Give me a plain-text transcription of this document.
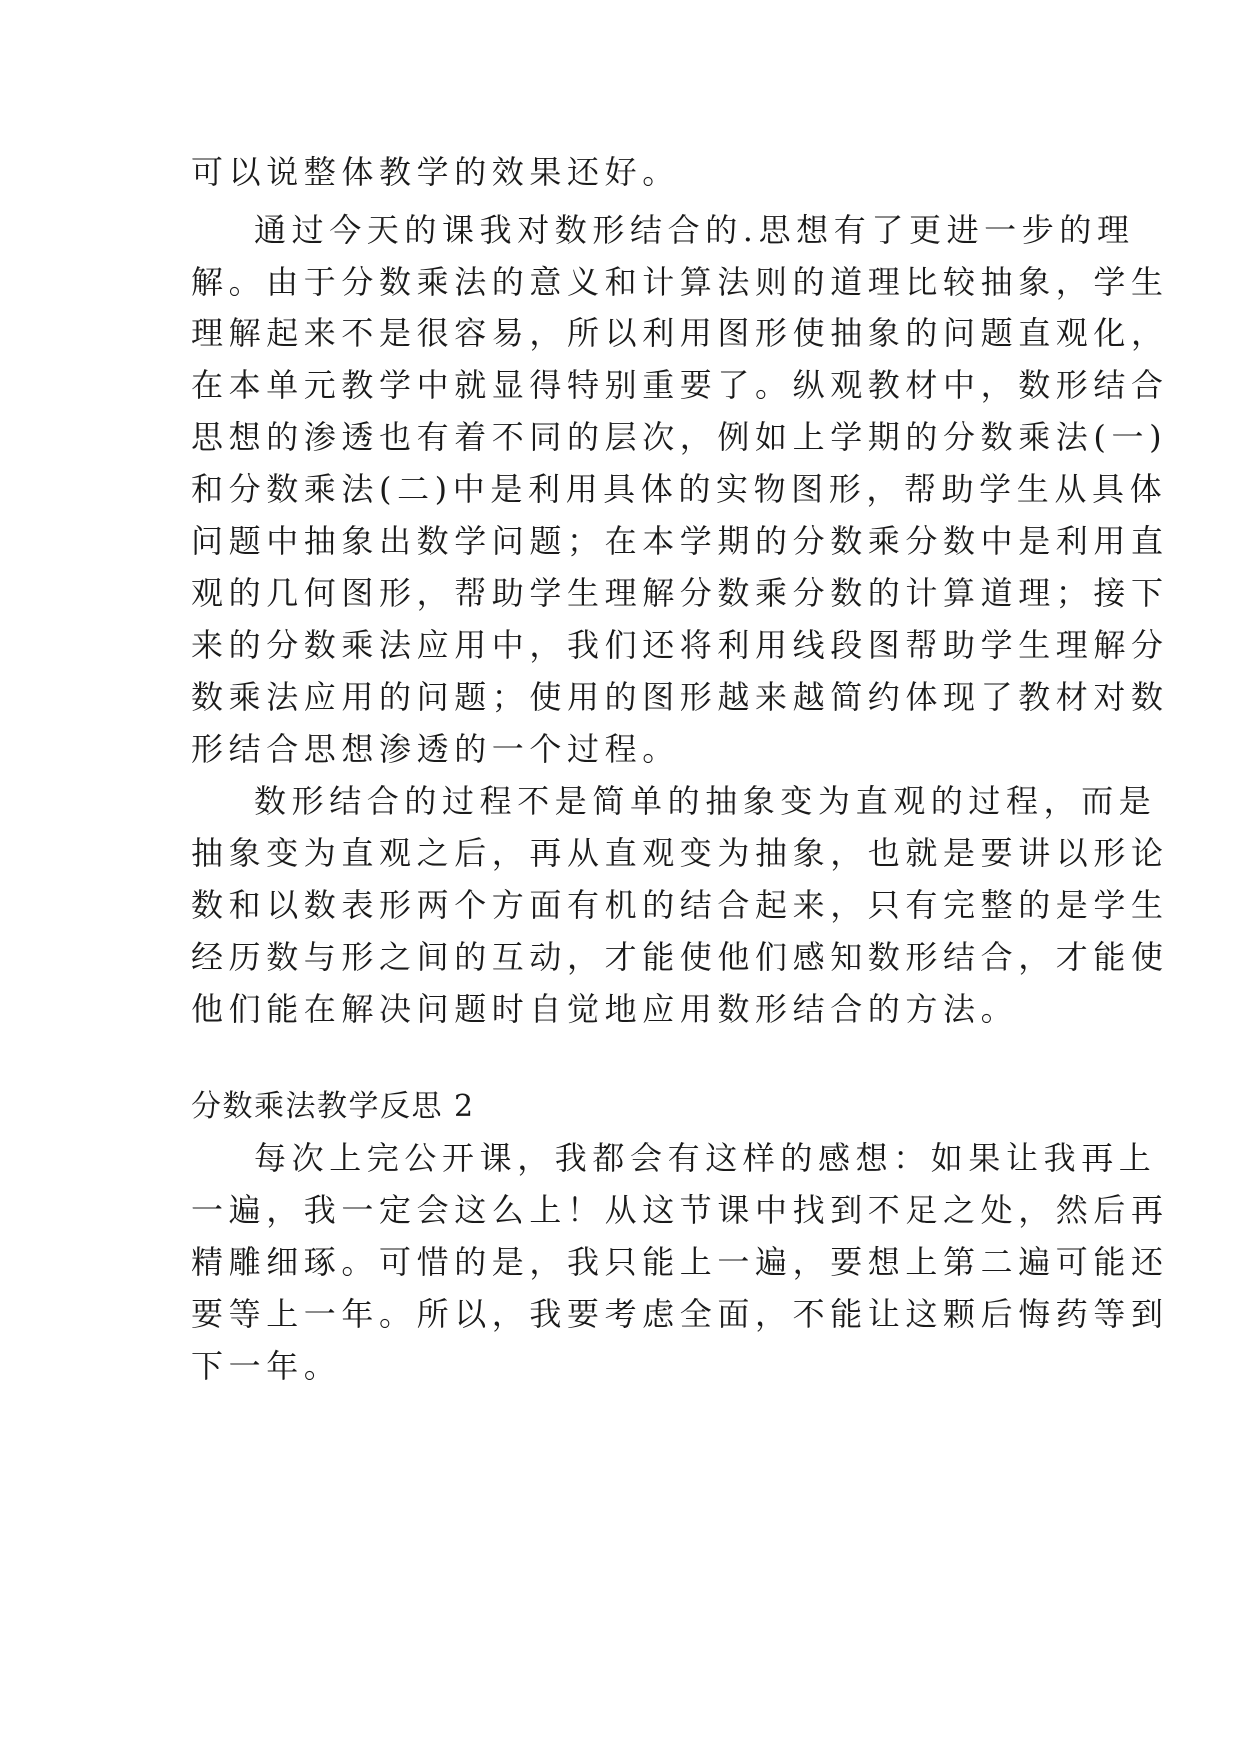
可以说整体教学的效果还好。
通过今天的课我对数形结合的.思想有了更进一步的理
解。由于分数乘法的意义和计算法则的道理比较抽象，学生
理解起来不是很容易，所以利用图形使抽象的问题直观化，
在本单元教学中就显得特别重要了。纵观教材中，数形结合
思想的渗透也有着不同的层次，例如上学期的分数乘法(一)
和分数乘法(二)中是利用具体的实物图形，帮助学生从具体
问题中抽象出数学问题；在本学期的分数乘分数中是利用直
观的几何图形，帮助学生理解分数乘分数的计算道理；接下
来的分数乘法应用中，我们还将利用线段图帮助学生理解分
数乘法应用的问题；使用的图形越来越简约体现了教材对数
形结合思想渗透的一个过程。
数形结合的过程不是简单的抽象变为直观的过程，而是
抽象变为直观之后，再从直观变为抽象，也就是要讲以形论
数和以数表形两个方面有机的结合起来，只有完整的是学生
经历数与形之间的互动，才能使他们感知数形结合，才能使
他们能在解决问题时自觉地应用数形结合的方法。
分数乘法教学反思 2
每次上完公开课，我都会有这样的感想：如果让我再上
一遍，我一定会这么上！从这节课中找到不足之处，然后再
精雕细琢。可惜的是，我只能上一遍，要想上第二遍可能还
要等上一年。所以，我要考虑全面，不能让这颗后悔药等到
下一年。
